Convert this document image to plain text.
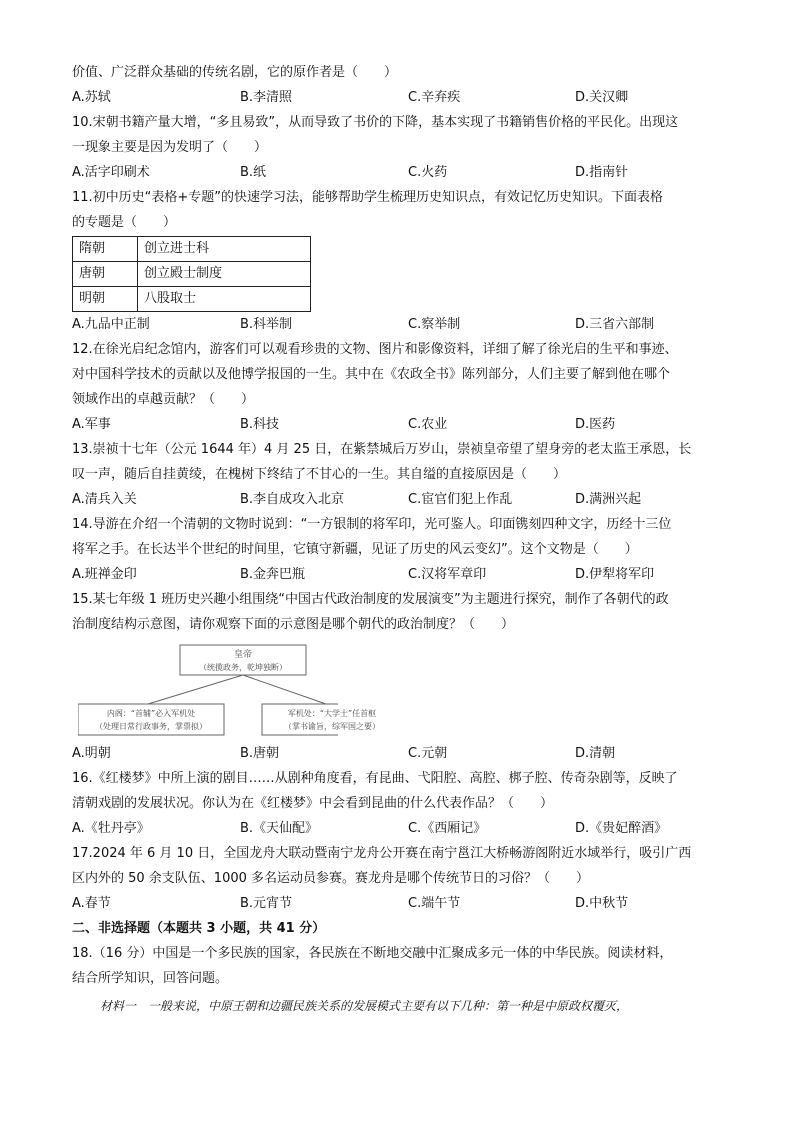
价值、广泛群众基础的传统名剧，它的原作者是（　　）
A.苏轼	B.李清照	C.辛弃疾	D.关汉卿
10.宋朝书籍产量大增，“多且易致”，从而导致了书价的下降，基本实现了书籍销售价格的平民化。出现这
一现象主要是因为发明了（　　）
A.活字印刷术	B.纸	C.火药	D.指南针
11.初中历史“表格+专题”的快速学习法，能够帮助学生梳理历史知识点，有效记忆历史知识。下面表格
的专题是（　　）
隋朝	创立进士科
唐朝	创立殿士制度
明朝	八股取士
A.九品中正制	B.科举制	C.察举制	D.三省六部制
12.在徐光启纪念馆内，游客们可以观看珍贵的文物、图片和影像资料，详细了解了徐光启的生平和事迹、
对中国科学技术的贡献以及他博学报国的一生。其中在《农政全书》陈列部分，人们主要了解到他在哪个
领域作出的卓越贡献？（　　）
A.军事	B.科技	C.农业	D.医药
13.崇祯十七年（公元 1644 年）4 月 25 日，在紫禁城后万岁山，崇祯皇帝望了望身旁的老太监王承恩，长
叹一声，随后自挂黄绫，在槐树下终结了不甘心的一生。其自缢的直接原因是（　　）
A.清兵入关	B.李自成攻入北京	C.宦官们犯上作乱	D.满洲兴起
14.导游在介绍一个清朝的文物时说到：“一方银制的将军印，光可鉴人。印面镌刻四种文字，历经十三位
将军之手。在长达半个世纪的时间里，它镇守新疆，见证了历史的风云变幻”。这个文物是（　　）
A.班禅金印	B.金奔巴瓶	C.汉将军章印	D.伊犁将军印
15.某七年级 1 班历史兴趣小组围绕“中国古代政治制度的发展演变”为主题进行探究，制作了各朝代的政
治制度结构示意图，请你观察下面的示意图是哪个朝代的政治制度？（　　）
皇帝
（统揽政务，乾坤独断）
内阁：“首辅”必入军机处
（处理日常行政事务，掌票拟）
军机处：“大学士”任首枢
（掌书谕旨，综军国之要）
A.明朝	B.唐朝	C.元朝	D.清朝
16.《红楼梦》中所上演的剧目……从剧种角度看，有昆曲、弋阳腔、高腔、梆子腔、传奇杂剧等，反映了
清朝戏剧的发展状况。你认为在《红楼梦》中会看到昆曲的什么代表作品？（　　）
A.《牡丹亭》	B.《天仙配》	C.《西厢记》	D.《贵妃醉酒》
17.2024 年 6 月 10 日，全国龙舟大联动暨南宁龙舟公开赛在南宁邕江大桥畅游阁附近水域举行，吸引广西
区内外的 50 余支队伍、1000 多名运动员参赛。赛龙舟是哪个传统节日的习俗？（　　）
A.春节	B.元宵节	C.端午节	D.中秋节
二、非选择题（本题共 3 小题，共 41 分）
18.（16 分）中国是一个多民族的国家，各民族在不断地交融中汇聚成多元一体的中华民族。阅读材料，
结合所学知识，回答问题。
材料一　一般来说，中原王朝和边疆民族关系的发展模式主要有以下几种：第一种是中原政权覆灭，
